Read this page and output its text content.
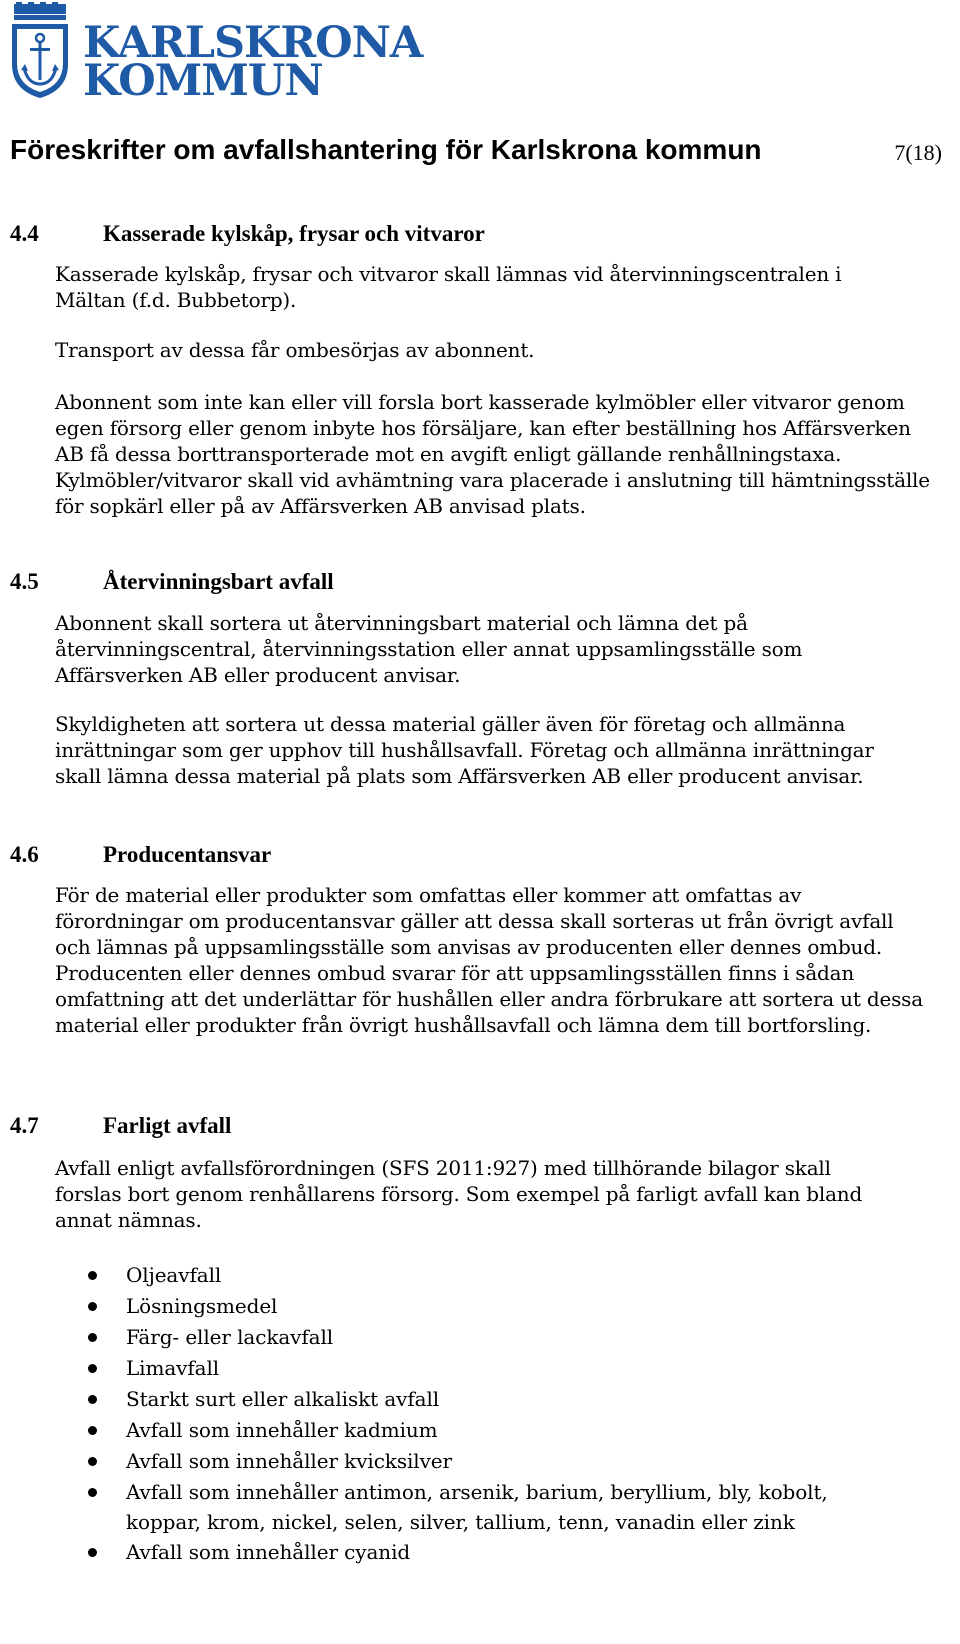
KARLSKRONA
KOMMUN
Föreskrifter om avfallshantering för Karlskrona kommun	7(18)
4.4	Kasserade kylskåp, frysar och vitvaror

Kasserade kylskåp, frysar och vitvaror skall lämnas vid återvinningscentralen i Mältan (f.d. Bubbetorp).

Transport av dessa får ombesörjas av abonnent.

Abonnent som inte kan eller vill forsla bort kasserade kylmöbler eller vitvaror genom egen försorg eller genom inbyte hos försäljare, kan efter beställning hos Affärsverken AB få dessa borttransporterade mot en avgift enligt gällande renhållningstaxa. Kylmöbler/vitvaror skall vid avhämtning vara placerade i anslutning till hämtningsställe för sopkärl eller på av Affärsverken AB anvisad plats.

4.5	Återvinningsbart avfall

Abonnent skall sortera ut återvinningsbart material och lämna det på återvinningscentral, återvinningsstation eller annat uppsamlingsställe som Affärsverken AB eller producent anvisar.

Skyldigheten att sortera ut dessa material gäller även för företag och allmänna inrättningar som ger upphov till hushållsavfall. Företag och allmänna inrättningar skall lämna dessa material på plats som Affärsverken AB eller producent anvisar.

4.6	Producentansvar

För de material eller produkter som omfattas eller kommer att omfattas av förordningar om producentansvar gäller att dessa skall sorteras ut från övrigt avfall och lämnas på uppsamlingsställe som anvisas av producenten eller dennes ombud. Producenten eller dennes ombud svarar för att uppsamlingsställen finns i sådan omfattning att det underlättar för hushållen eller andra förbrukare att sortera ut dessa material eller produkter från övrigt hushållsavfall och lämna dem till bortforsling.

4.7	Farligt avfall

Avfall enligt avfallsförordningen (SFS 2011:927) med tillhörande bilagor skall forslas bort genom renhållarens försorg. Som exempel på farligt avfall kan bland annat nämnas.

Oljeavfall
Lösningsmedel
Färg- eller lackavfall
Limavfall
Starkt surt eller alkaliskt avfall
Avfall som innehåller kadmium
Avfall som innehåller kvicksilver
Avfall som innehåller antimon, arsenik, barium, beryllium, bly, kobolt, koppar, krom, nickel, selen, silver, tallium, tenn, vanadin eller zink
Avfall som innehåller cyanid
